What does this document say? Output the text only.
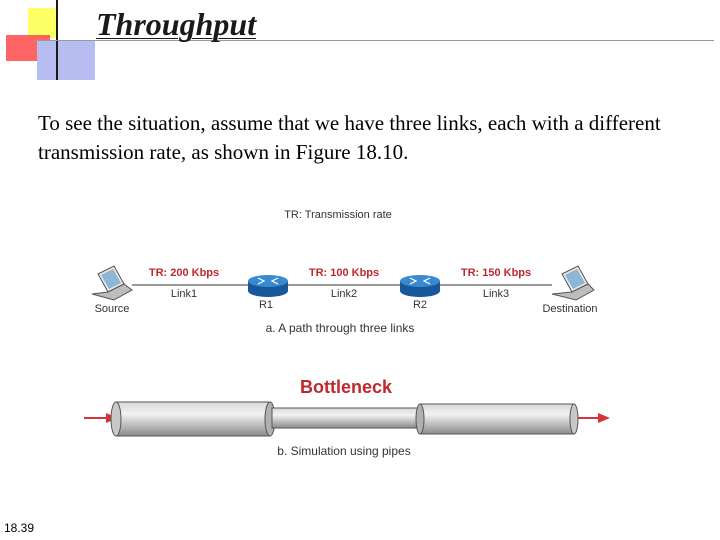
Throughput
To see the situation, assume that we have three links, each with a different transmission rate, as shown in Figure 18.10.
TR: Transmission rate
Source	Destination
R1	R2
TR: 200 Kbps
Link1
TR: 100 Kbps
Link2
TR: 150 Kbps
Link3
a. A path through three links
Bottleneck
b. Simulation using pipes
18.39
